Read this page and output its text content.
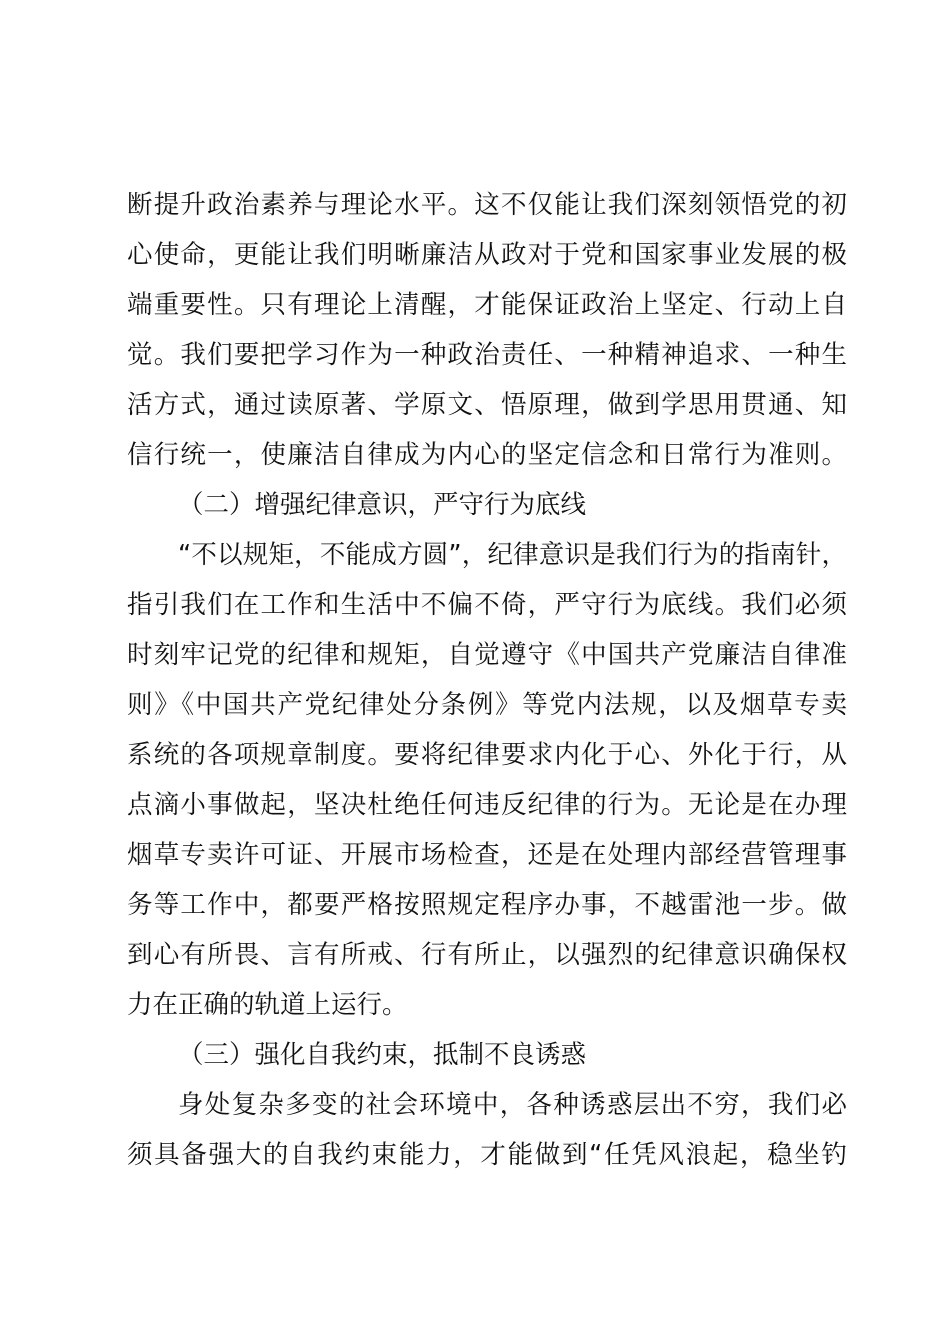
断提升政治素养与理论水平。这不仅能让我们深刻领悟党的初
心使命，更能让我们明晰廉洁从政对于党和国家事业发展的极
端重要性。只有理论上清醒，才能保证政治上坚定、行动上自
觉。我们要把学习作为一种政治责任、一种精神追求、一种生
活方式，通过读原著、学原文、悟原理，做到学思用贯通、知
信行统一，使廉洁自律成为内心的坚定信念和日常行为准则。
（二）增强纪律意识，严守行为底线
“不以规矩，不能成方圆”，纪律意识是我们行为的指南针，
指引我们在工作和生活中不偏不倚，严守行为底线。我们必须
时刻牢记党的纪律和规矩，自觉遵守《中国共产党廉洁自律准
则》《中国共产党纪律处分条例》等党内法规，以及烟草专卖
系统的各项规章制度。要将纪律要求内化于心、外化于行，从
点滴小事做起，坚决杜绝任何违反纪律的行为。无论是在办理
烟草专卖许可证、开展市场检查，还是在处理内部经营管理事
务等工作中，都要严格按照规定程序办事，不越雷池一步。做
到心有所畏、言有所戒、行有所止，以强烈的纪律意识确保权
力在正确的轨道上运行。
（三）强化自我约束，抵制不良诱惑
身处复杂多变的社会环境中，各种诱惑层出不穷，我们必
须具备强大的自我约束能力，才能做到“任凭风浪起，稳坐钓
